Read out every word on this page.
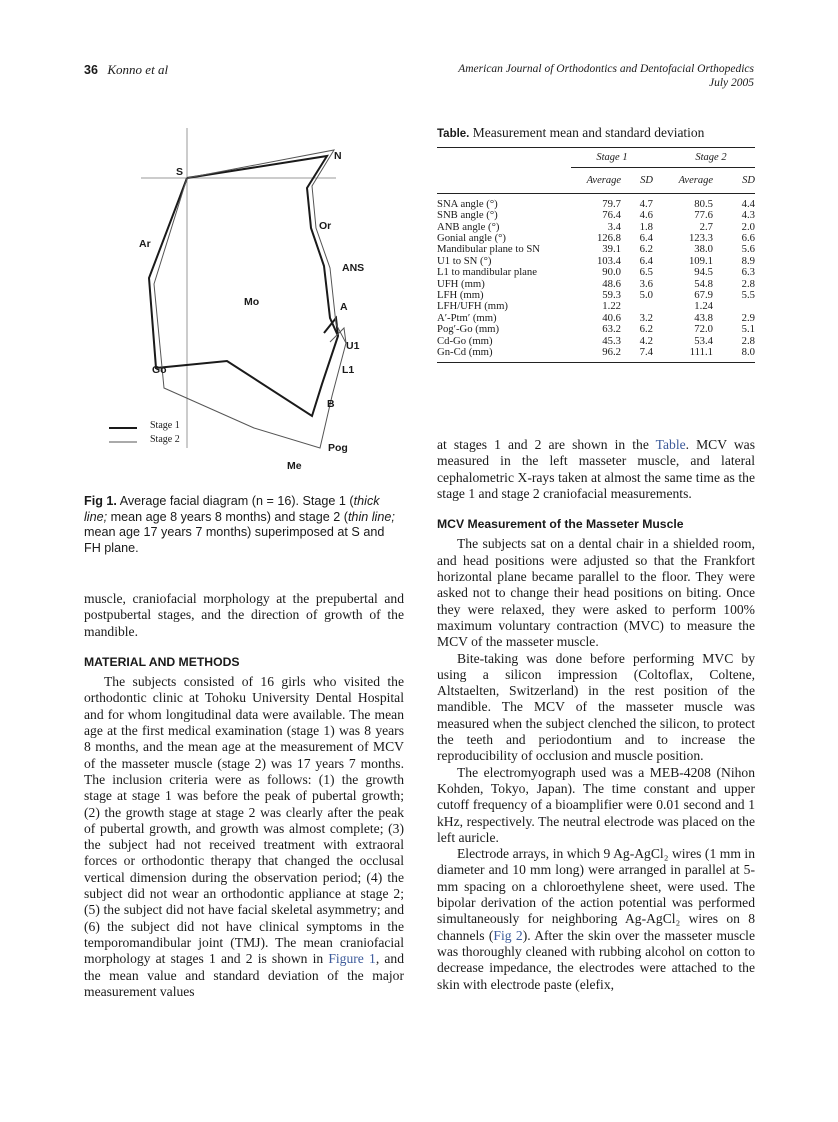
36 Konno et al	American Journal of Orthodontics and Dentofacial Orthopedics
July 2005
S
N
Ar
Or
ANS
Mo	A
U1
Go	L1
B
Pog
Me
Stage 1
Stage 2
Fig 1. Average facial diagram (n = 16). Stage 1 (thick line; mean age 8 years 8 months) and stage 2 (thin line; mean age 17 years 7 months) superimposed at S and FH plane.
Table. Measurement mean and standard deviation
	Stage 1		Stage 2	
	Average	SD	Average	SD
SNA angle (°)	79.7	4.7	80.5	4.4
SNB angle (°)	76.4	4.6	77.6	4.3
ANB angle (°)	3.4	1.8	2.7	2.0
Gonial angle (°)	126.8	6.4	123.3	6.6
Mandibular plane to SN	39.1	6.2	38.0	5.6
U1 to SN (°)	103.4	6.4	109.1	8.9
L1 to mandibular plane	90.0	6.5	94.5	6.3
UFH (mm)	48.6	3.6	54.8	2.8
LFH (mm)	59.3	5.0	67.9	5.5
LFH/UFH (mm)	1.22		1.24	
A′-Ptm′ (mm)	40.6	3.2	43.8	2.9
Pog′-Go (mm)	63.2	6.2	72.0	5.1
Cd-Go (mm)	45.3	4.2	53.4	2.8
Gn-Cd (mm)	96.2	7.4	111.1	8.0

muscle, craniofacial morphology at the prepubertal and postpubertal stages, and the direction of growth of the mandible.

MATERIAL AND METHODS

The subjects consisted of 16 girls who visited the orthodontic clinic at Tohoku University Dental Hospital and for whom longitudinal data were available. The mean age at the first medical examination (stage 1) was 8 years 8 months, and the mean age at the measurement of MCV of the masseter muscle (stage 2) was 17 years 7 months. The inclusion criteria were as follows: (1) the growth stage at stage 1 was before the peak of pubertal growth; (2) the growth stage at stage 2 was clearly after the peak of pubertal growth, and growth was almost complete; (3) the subject had not received treatment with extraoral forces or orthodontic therapy that changed the occlusal vertical dimension during the observation period; (4) the subject did not wear an orthodontic appliance at stage 2; (5) the subject did not have facial skeletal asymmetry; and (6) the subject did not have clinical symptoms in the temporomandibular joint (TMJ). The mean craniofacial morphology at stages 1 and 2 is shown in Figure 1, and the mean value and standard deviation of the major measurement values

at stages 1 and 2 are shown in the Table. MCV was measured in the left masseter muscle, and lateral cephalometric X-rays taken at almost the same time as the stage 1 and stage 2 craniofacial measurements.

MCV Measurement of the Masseter Muscle

The subjects sat on a dental chair in a shielded room, and head positions were adjusted so that the Frankfort horizontal plane became parallel to the floor. They were asked not to change their head positions on biting. Once they were relaxed, they were asked to perform 100% maximum voluntary contraction (MVC) to measure the MCV of the masseter muscle.

Bite-taking was done before performing MVC by using a silicon impression (Coltoflax, Coltene, Altstaelten, Switzerland) in the rest position of the mandible. The MCV of the masseter muscle was measured when the subject clenched the silicon, to protect the teeth and periodontium and to increase the reproducibility of occlusion and muscle position.

The electromyograph used was a MEB-4208 (Nihon Kohden, Tokyo, Japan). The time constant and upper cutoff frequency of a bioamplifier were 0.01 second and 1 kHz, respectively. The neutral electrode was placed on the left auricle.

Electrode arrays, in which 9 Ag-AgCl₂ wires (1 mm in diameter and 10 mm long) were arranged in parallel at 5-mm spacing on a chloroethylene sheet, were used. The bipolar derivation of the action potential was performed simultaneously for neighboring Ag-AgCl₂ wires on 8 channels (Fig 2). After the skin over the masseter muscle was thoroughly cleaned with rubbing alcohol on cotton to decrease impedance, the electrodes were attached to the skin with electrode paste (elefix,
